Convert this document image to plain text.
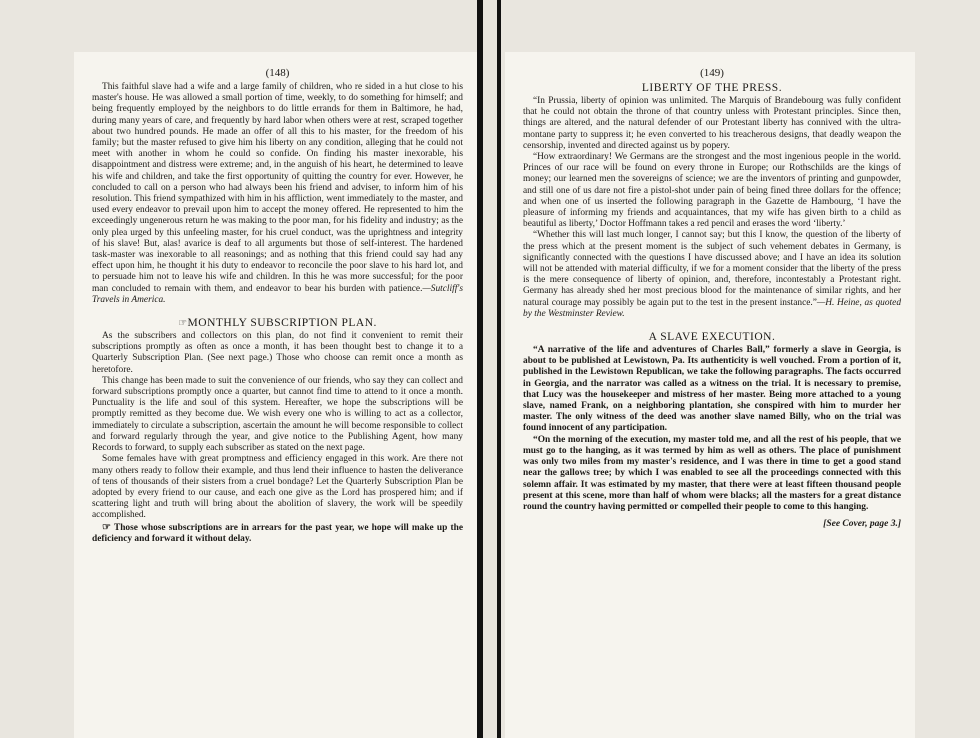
(148)

This faithful slave had a wife and a large family of children, who re sided in a hut close to his master's house. He was allowed a small portion of time, weekly, to do something for himself; and being frequently employed by the neighbors to do little errands for them in Baltimore, he had, during many years of care, and frequently by hard labor when others were at rest, scraped together about two hundred pounds. He made an offer of all this to his master, for the freedom of his family; but the master refused to give him his liberty on any condition, alleging that he could not meet with another in whom he could so confide. On finding his master inexorable, his disappointment and distress were extreme; and, in the anguish of his heart, he determined to leave his wife and children, and take the first opportunity of quitting the country for ever. However, he concluded to call on a person who had always been his friend and adviser, to inform him of his resolution. This friend sympathized with him in his affliction, went immediately to the master, and used every endeavor to prevail upon him to accept the money offered. He represented to him the exceedingly ungenerous return he was making to the poor man, for his fidelity and industry; as the only plea urged by this unfeeling master, for his cruel conduct, was the uprightness and integrity of his slave! But, alas! avarice is deaf to all arguments but those of self-interest. The hardened task-master was inexorable to all reasonings; and as nothing that this friend could say had any effect upon him, he thought it his duty to endeavor to reconcile the poor slave to his hard lot, and to persuade him not to leave his wife and children. In this he was more successful; for the poor man concluded to remain with them, and endeavor to bear his burden with patience.—Sutcliff's Travels in America.

☞MONTHLY SUBSCRIPTION PLAN.

As the subscribers and collectors on this plan, do not find it convenient to remit their subscriptions promptly as often as once a month, it has been thought best to change it to a Quarterly Subscription Plan. (See next page.) Those who choose can remit once a month as heretofore.

This change has been made to suit the convenience of our friends, who say they can collect and forward subscriptions promptly once a quarter, but cannot find time to attend to it once a month. Punctuality is the life and soul of this system. Hereafter, we hope the subscriptions will be promptly remitted as they become due. We wish every one who is willing to act as a collector, immediately to circulate a subscription, ascertain the amount he will become responsible to collect and forward regularly through the year, and give notice to the Publishing Agent, how many Records to forward, to supply each subscriber as stated on the next page.

Some females have with great promptness and efficiency engaged in this work. Are there not many others ready to follow their example, and thus lend their influence to hasten the deliverance of tens of thousands of their sisters from a cruel bondage? Let the Quarterly Subscription Plan be adopted by every friend to our cause, and each one give as the Lord has prospered him; and if scattering light and truth will bring about the abolition of slavery, the work will be speedily accomplished.

☞ Those whose subscriptions are in arrears for the past year, we hope will make up the deficiency and forward it without delay.

(149)
LIBERTY OF THE PRESS.

“In Prussia, liberty of opinion was unlimited. The Marquis of Brandebourg was fully confident that he could not obtain the throne of that country unless with Protestant principles. Since then, things are altered, and the natural defender of our Protestant liberty has connived with the ultra-montane party to suppress it; he even converted to his treacherous designs, that deadly weapon the censorship, invented and directed against us by popery.

“How extraordinary! We Germans are the strongest and the most ingenious people in the world. Princes of our race will be found on every throne in Europe; our Rothschilds are the kings of money; our learned men the sovereigns of science; we are the inventors of printing and gunpowder, and still one of us dare not fire a pistol-shot under pain of being fined three dollars for the offence; and when one of us inserted the following paragraph in the Gazette de Hambourg, ‘I have the pleasure of informing my friends and acquaintances, that my wife has given birth to a child as beautiful as liberty,’ Doctor Hoffmann takes a red pencil and erases the word ‘liberty.’

“Whether this will last much longer, I cannot say; but this I know, the question of the liberty of the press which at the present moment is the subject of such vehement debates in Germany, is significantly connected with the questions I have discussed above; and I have an idea its solution will not be attended with material difficulty, if we for a moment consider that the liberty of the press is the mere consequence of liberty of opinion, and, therefore, incontestably a Protestant right. Germany has already shed her most precious blood for the maintenance of similar rights, and her natural courage may possibly be again put to the test in the present instance.”—H. Heine, as quoted by the Westminster Review.

A SLAVE EXECUTION.

“A narrative of the life and adventures of Charles Ball,” formerly a slave in Georgia, is about to be published at Lewistown, Pa. Its authenticity is well vouched. From a portion of it, published in the Lewistown Republican, we take the following paragraphs. The facts occurred in Georgia, and the narrator was called as a witness on the trial. It is necessary to premise, that Lucy was the housekeeper and mistress of her master. Being more attached to a young slave, named Frank, on a neighboring plantation, she conspired with him to murder her master. The only witness of the deed was another slave named Billy, who on the trial was found innocent of any participation.

“On the morning of the execution, my master told me, and all the rest of his people, that we must go to the hanging, as it was termed by him as well as others. The place of punishment was only two miles from my master's residence, and I was there in time to get a good stand near the gallows tree; by which I was enabled to see all the proceedings connected with this solemn affair. It was estimated by my master, that there were at least fifteen thousand people present at this scene, more than half of whom were blacks; all the masters for a great distance round the country having permitted or compelled their people to come to this hanging.

[See Cover, page 3.]
